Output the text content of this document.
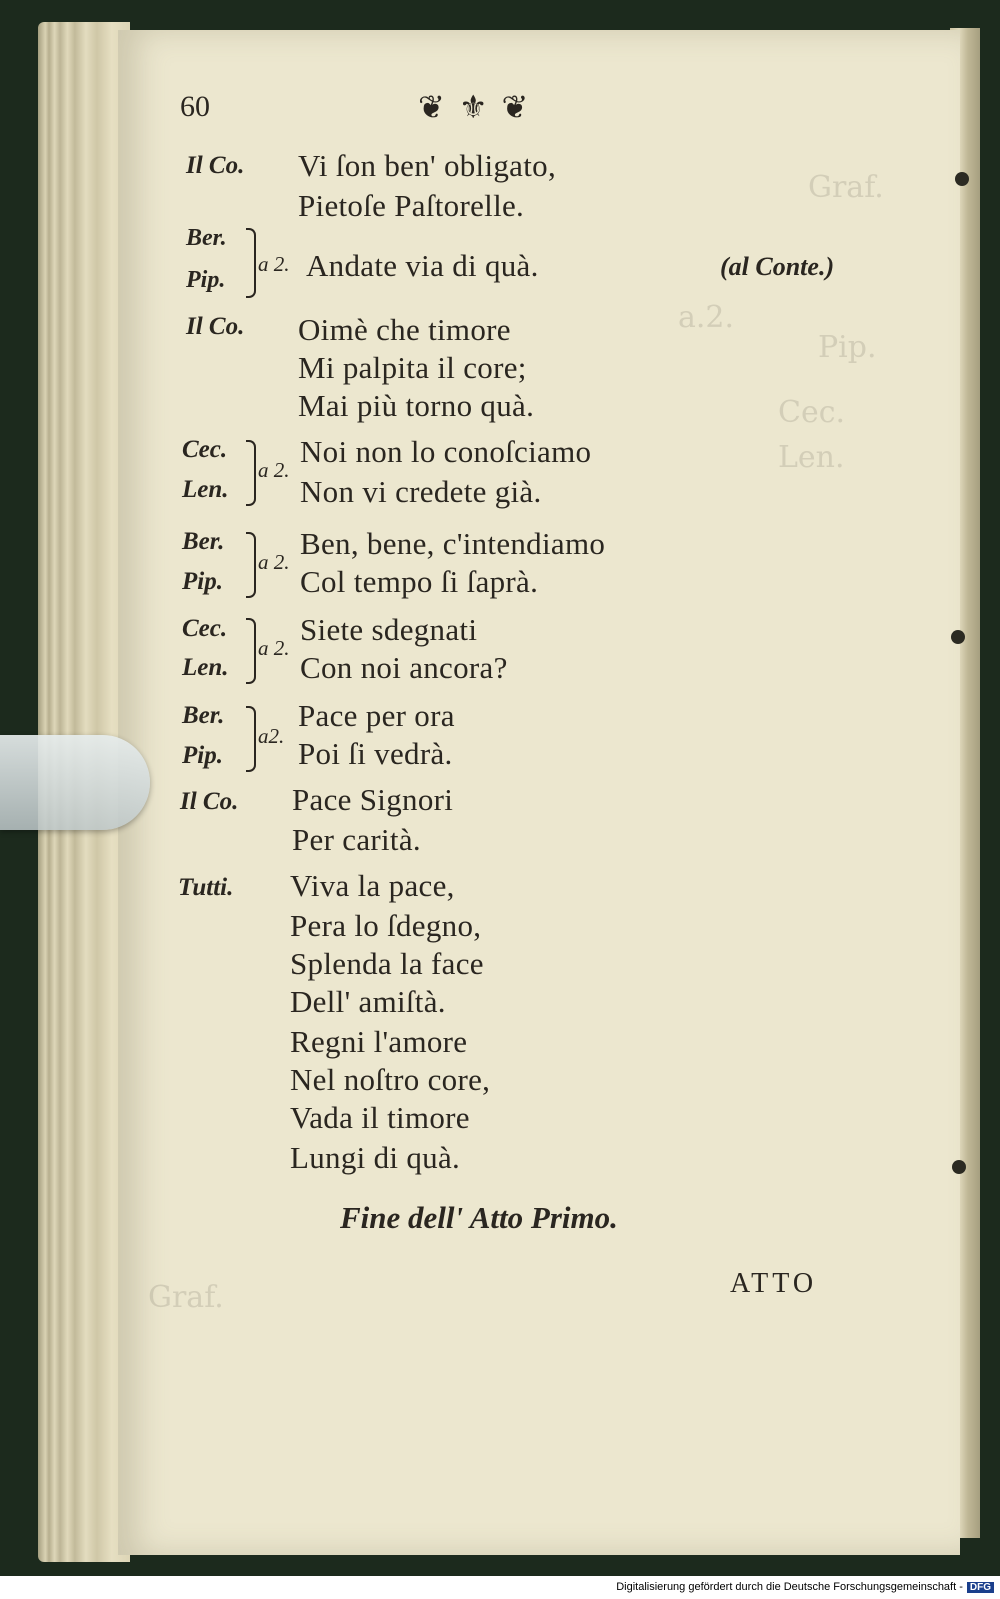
Graf.
a.2.
Pip.
Cec.
Len.
Graf.
60	❦⚜❦
Il Co.
Ber.
Pip.
Il Co.
Cec.
Len.
Ber.
Pip.
Cec.
Len.
Ber.
Pip.
Il Co.
Tutti.
a 2.
a 2.
a 2.
a 2.
a2.
Vi ſon ben' obligato,
Pietoſe Paſtorelle.
Andate via di quà.	(al Conte.)
Oimè che timore
Mi palpita il core;
Mai più torno quà.
Noi non lo conoſciamo
Non vi credete già.
Ben, bene, c'intendiamo
Col tempo ſi ſaprà.
Siete sdegnati
Con noi ancora?
Pace per ora
Poi ſi vedrà.
Pace Signori
Per carità.
Viva la pace,
Pera lo ſdegno,
Splenda la face
Dell' amiſtà.
Regni l'amore
Nel noſtro core,
Vada il timore
Lungi di quà.
Fine dell' Atto Primo.
ATTO
Digitalisierung gefördert durch die Deutsche Forschungsgemeinschaft - DFG
